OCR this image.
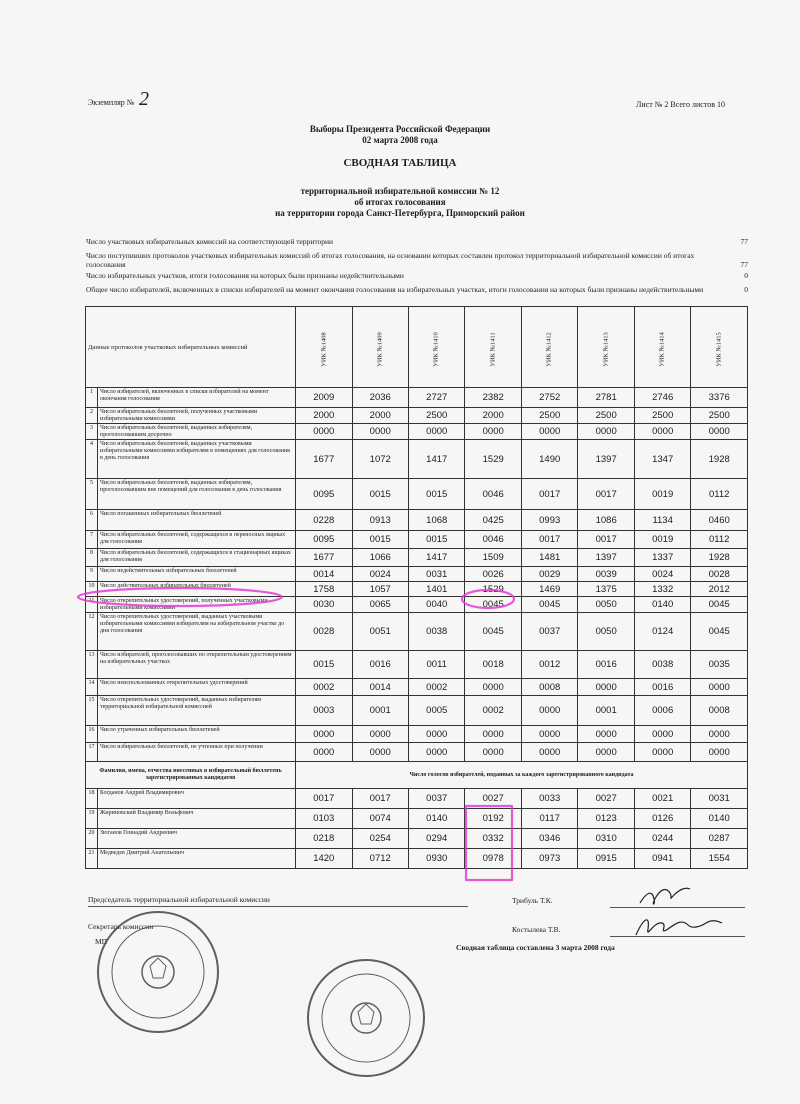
Экземпляр № 2	Лист № 2 Всего листов 10
Выборы Президента Российской Федерации
02 марта 2008 года
СВОДНАЯ ТАБЛИЦА
территориальной избирательной комиссии № 12
об итогах голосования
на территории города Санкт-Петербурга, Приморский район
Число участковых избирательных комиссий на соответствующей территории	77
Число поступивших протоколов участковых избирательных комиссий об итогах голосования, на основании которых составлен протокол территориальной избирательной комиссии об итогах голосования	77
Число избирательных участков, итоги голосования на которых были признаны недействительными	0
Общее число избирателей, включенных в списки избирателей на момент окончания голосования на избирательных участках, итоги голосования на которых были признаны недействительными	0
Данные протоколов участковых избирательных комиссий		УИК №1408	УИК №1409	УИК №1410	УИК №1411	УИК №1412	УИК №1413	УИК №1414	УИК №1415
1	Число избирателей, включенных в списки избирателей на момент окончания голосования	2009	2036	2727	2382	2752	2781	2746	3376
2	Число избирательных бюллетеней, полученных участковыми избирательными комиссиями	2000	2000	2500	2000	2500	2500	2500	2500
3	Число избирательных бюллетеней, выданных избирателям, проголосовавшим досрочно	0000	0000	0000	0000	0000	0000	0000	0000
4	Число избирательных бюллетеней, выданных участковыми избирательными комиссиями избирателям в помещениях для голосования в день голосования	1677	1072	1417	1529	1490	1397	1347	1928
5	Число избирательных бюллетеней, выданных избирателям, проголосовавшим вне помещений для голосования в день голосования	0095	0015	0015	0046	0017	0017	0019	0112
6	Число погашенных избирательных бюллетеней	0228	0913	1068	0425	0993	1086	1134	0460
7	Число избирательных бюллетеней, содержащихся в переносных ящиках для голосования	0095	0015	0015	0046	0017	0017	0019	0112
8	Число избирательных бюллетеней, содержащихся в стационарных ящиках для голосования	1677	1066	1417	1509	1481	1397	1337	1928
9	Число недействительных избирательных бюллетеней	0014	0024	0031	0026	0029	0039	0024	0028
10	Число действительных избирательных бюллетеней	1758	1057	1401	1529	1469	1375	1332	2012
11	Число открепительных удостоверений, полученных участковыми избирательными комиссиями	0030	0065	0040	0045	0045	0050	0140	0045
12	Число открепительных удостоверений, выданных участковыми избирательными комиссиями избирателям на избирательном участке до дня голосования	0028	0051	0038	0045	0037	0050	0124	0045
13	Число избирателей, проголосовавших по открепительным удостоверениям на избирательных участках	0015	0016	0011	0018	0012	0016	0038	0035
14	Число неиспользованных открепительных удостоверений	0002	0014	0002	0000	0008	0000	0016	0000
15	Число открепительных удостоверений, выданных избирателям территориальной избирательной комиссией	0003	0001	0005	0002	0000	0001	0006	0008
16	Число утраченных избирательных бюллетеней	0000	0000	0000	0000	0000	0000	0000	0000
17	Число избирательных бюллетеней, не учтенных при получении	0000	0000	0000	0000	0000	0000	0000	0000
Фамилия, имена, отчества внесенных в избирательный бюллетень зарегистрированных кандидатов		Число голосов избирателей, поданных за каждого зарегистрированного кандидата							
18	Богданов Андрей Владимирович	0017	0017	0037	0027	0033	0027	0021	0031
19	Жириновский Владимир Вольфович	0103	0074	0140	0192	0117	0123	0126	0140
20	Зюганов Геннадий Андреевич	0218	0254	0294	0332	0346	0310	0244	0287
21	Медведев Дмитрий Анатольевич	1420	0712	0930	0978	0973	0915	0941	1554
Председатель территориальной избирательной комиссии	Трибуль Т.К.
Секретарь комиссии	Костылева Т.В.
МП
Сводная таблица составлена 3 марта 2008 года
